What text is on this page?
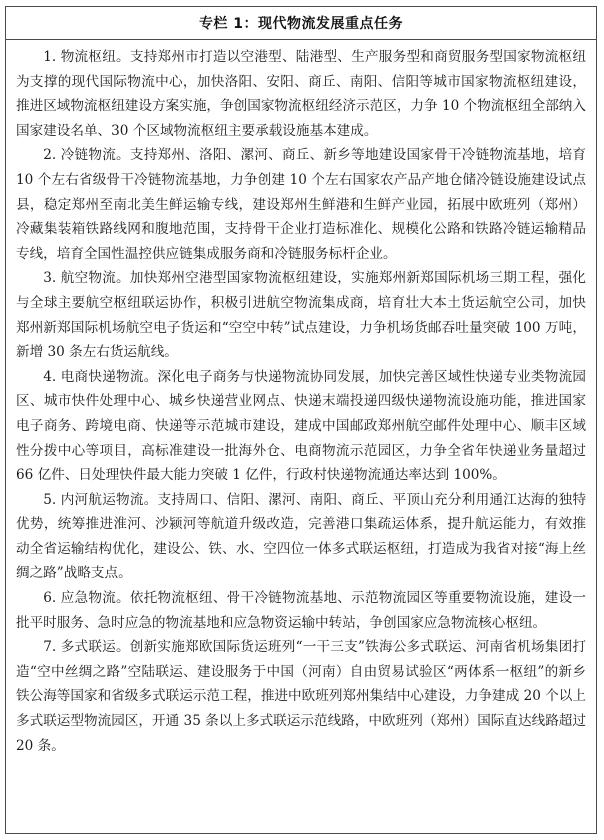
专栏 1：现代物流发展重点任务

1. 物流枢纽。支持郑州市打造以空港型、陆港型、生产服务型和商贸服务型国家物流枢纽为支撑的现代国际物流中心，加快洛阳、安阳、商丘、南阳、信阳等城市国家物流枢纽建设，推进区域物流枢纽建设方案实施，争创国家物流枢纽经济示范区，力争 10 个物流枢纽全部纳入国家建设名单、30 个区域物流枢纽主要承载设施基本建成。

2. 冷链物流。支持郑州、洛阳、漯河、商丘、新乡等地建设国家骨干冷链物流基地，培育 10 个左右省级骨干冷链物流基地，力争创建 10 个左右国家农产品产地仓储冷链设施建设试点县，稳定郑州至南北美生鲜运输专线，建设郑州生鲜港和生鲜产业园，拓展中欧班列（郑州）冷藏集装箱铁路线网和腹地范围，支持骨干企业打造标准化、规模化公路和铁路冷链运输精品专线，培育全国性温控供应链集成服务商和冷链服务标杆企业。

3. 航空物流。加快郑州空港型国家物流枢纽建设，实施郑州新郑国际机场三期工程，强化与全球主要航空枢纽联运协作，积极引进航空物流集成商，培育壮大本土货运航空公司，加快郑州新郑国际机场航空电子货运和“空空中转”试点建设，力争机场货邮吞吐量突破 100 万吨，新增 30 条左右货运航线。

4. 电商快递物流。深化电子商务与快递物流协同发展，加快完善区域性快递专业类物流园区、城市快件处理中心、城乡快递营业网点、快递末端投递四级快递物流设施功能，推进国家电子商务、跨境电商、快递等示范城市建设，建成中国邮政郑州航空邮件处理中心、顺丰区域性分拨中心等项目，高标准建设一批海外仓、电商物流示范园区，力争全省年快递业务量超过 66 亿件、日处理快件最大能力突破 1 亿件，行政村快递物流通达率达到 100%。

5. 内河航运物流。支持周口、信阳、漯河、南阳、商丘、平顶山充分利用通江达海的独特优势，统筹推进淮河、沙颍河等航道升级改造，完善港口集疏运体系，提升航运能力，有效推动全省运输结构优化，建设公、铁、水、空四位一体多式联运枢纽，打造成为我省对接“海上丝绸之路”战略支点。

6. 应急物流。依托物流枢纽、骨干冷链物流基地、示范物流园区等重要物流设施，建设一批平时服务、急时应急的物流基地和应急物资运输中转站，争创国家应急物流核心枢纽。

7. 多式联运。创新实施郑欧国际货运班列“一干三支”铁海公多式联运、河南省机场集团打造“空中丝绸之路”空陆联运、建设服务于中国（河南）自由贸易试验区“两体系一枢纽”的新乡铁公海等国家和省级多式联运示范工程，推进中欧班列郑州集结中心建设，力争建成 20 个以上多式联运型物流园区，开通 35 条以上多式联运示范线路，中欧班列（郑州）国际直达线路超过 20 条。
